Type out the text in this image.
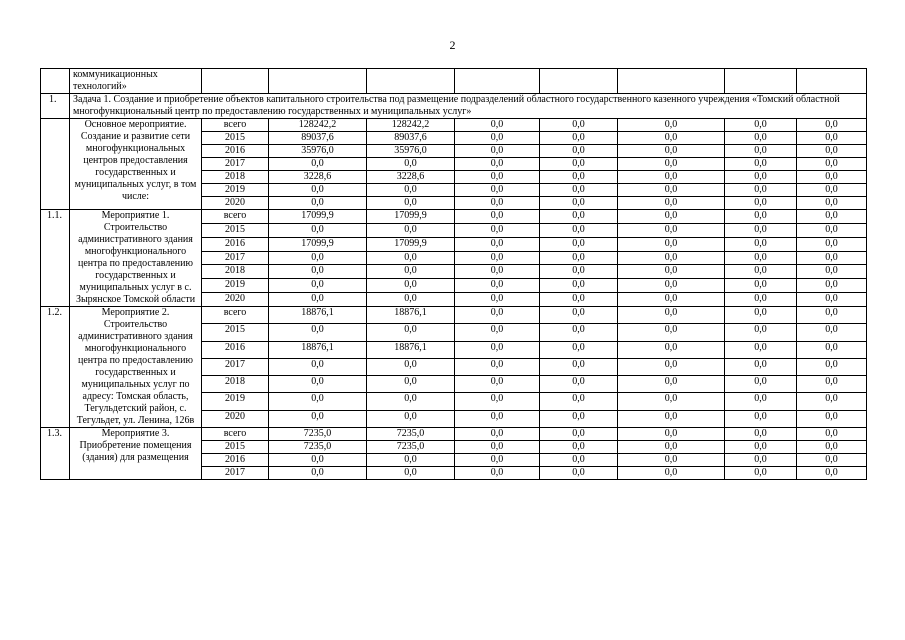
2
	коммуникационных технологий»								
1.	Задача 1. Создание и приобретение объектов капитального строительства под размещение подразделений областного государственного казенного учреждения «Томский областной многофункциональный центр по предоставлению государственных и муниципальных услуг»								
	Основное мероприятие. Создание и развитие сети многофункциональных центров предоставления государственных и муниципальных услуг, в том числе:	всего	128242,2	128242,2	0,0	0,0	0,0	0,0	0,0
		2015	89037,6	89037,6	0,0	0,0	0,0	0,0	0,0
		2016	35976,0	35976,0	0,0	0,0	0,0	0,0	0,0
		2017	0,0	0,0	0,0	0,0	0,0	0,0	0,0
		2018	3228,6	3228,6	0,0	0,0	0,0	0,0	0,0
		2019	0,0	0,0	0,0	0,0	0,0	0,0	0,0
		2020	0,0	0,0	0,0	0,0	0,0	0,0	0,0
1.1.	Мероприятие 1. Строительство административного здания многофункционального центра по предоставлению государственных и муниципальных услуг в с. Зырянское Томской области	всего	17099,9	17099,9	0,0	0,0	0,0	0,0	0,0
		2015	0,0	0,0	0,0	0,0	0,0	0,0	0,0
		2016	17099,9	17099,9	0,0	0,0	0,0	0,0	0,0
		2017	0,0	0,0	0,0	0,0	0,0	0,0	0,0
		2018	0,0	0,0	0,0	0,0	0,0	0,0	0,0
		2019	0,0	0,0	0,0	0,0	0,0	0,0	0,0
		2020	0,0	0,0	0,0	0,0	0,0	0,0	0,0
1.2.	Мероприятие 2. Строительство административного здания многофункционального центра по предоставлению государственных и муниципальных услуг по адресу: Томская область, Тегульдетский район, с. Тегульдет, ул. Ленина, 126в	всего	18876,1	18876,1	0,0	0,0	0,0	0,0	0,0
		2015	0,0	0,0	0,0	0,0	0,0	0,0	0,0
		2016	18876,1	18876,1	0,0	0,0	0,0	0,0	0,0
		2017	0,0	0,0	0,0	0,0	0,0	0,0	0,0
		2018	0,0	0,0	0,0	0,0	0,0	0,0	0,0
		2019	0,0	0,0	0,0	0,0	0,0	0,0	0,0
		2020	0,0	0,0	0,0	0,0	0,0	0,0	0,0
1.3.	Мероприятие 3. Приобретение помещения (здания) для размещения	всего	7235,0	7235,0	0,0	0,0	0,0	0,0	0,0
		2015	7235,0	7235,0	0,0	0,0	0,0	0,0	0,0
		2016	0,0	0,0	0,0	0,0	0,0	0,0	0,0
		2017	0,0	0,0	0,0	0,0	0,0	0,0	0,0
